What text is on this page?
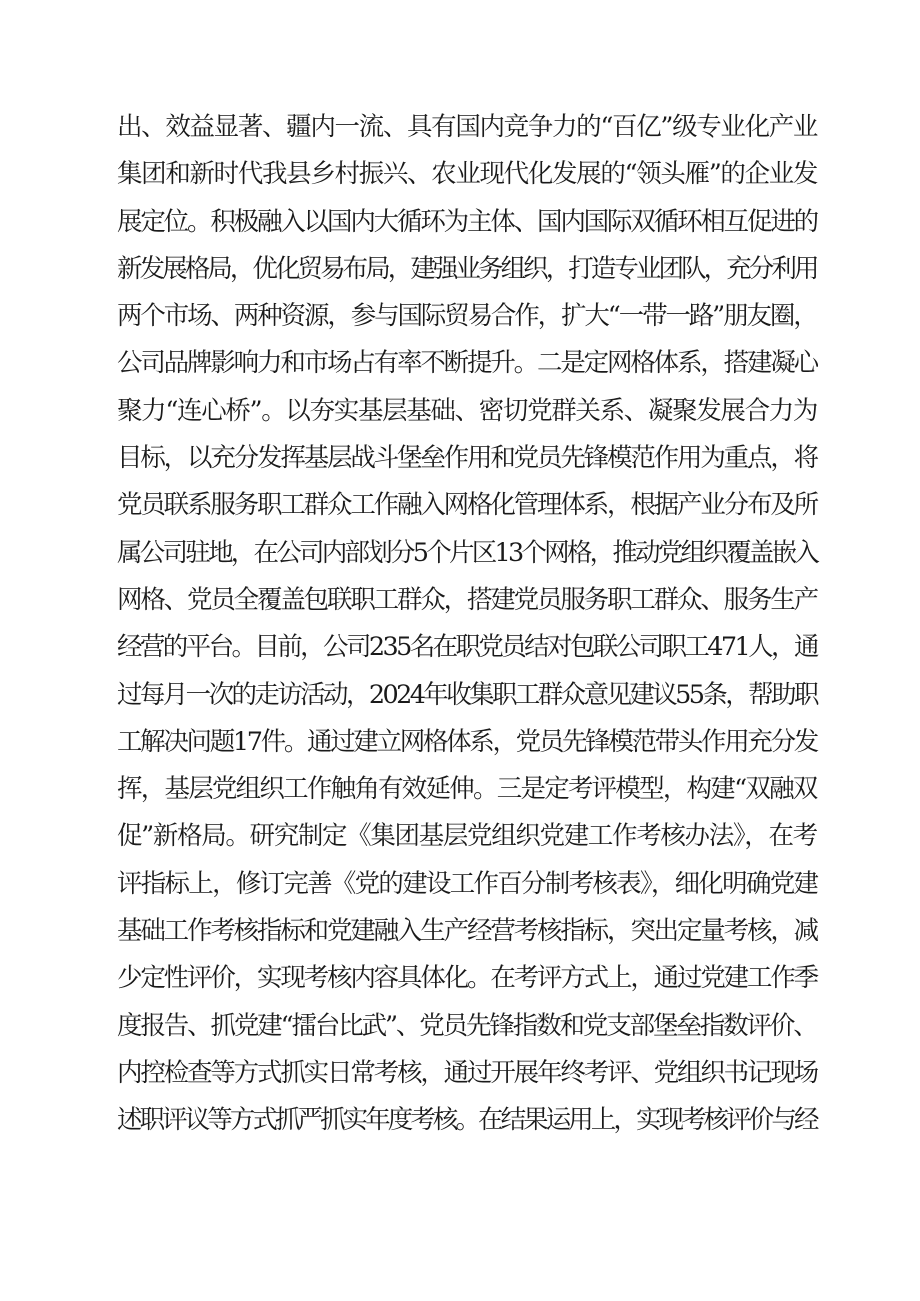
出、效益显著、疆内一流、具有国内竞争力的“百亿”级专业化产业
集团和新时代我县乡村振兴、农业现代化发展的“领头雁”的企业发
展定位。积极融入以国内大循环为主体、国内国际双循环相互促进的
新发展格局，优化贸易布局，建强业务组织，打造专业团队，充分利用
两个市场、两种资源，参与国际贸易合作，扩大“一带一路”朋友圈，
公司品牌影响力和市场占有率不断提升。二是定网格体系，搭建凝心
聚力“连心桥”。以夯实基层基础、密切党群关系、凝聚发展合力为
目标，以充分发挥基层战斗堡垒作用和党员先锋模范作用为重点，将
党员联系服务职工群众工作融入网格化管理体系，根据产业分布及所
属公司驻地，在公司内部划分5个片区13个网格，推动党组织覆盖嵌入
网格、党员全覆盖包联职工群众，搭建党员服务职工群众、服务生产
经营的平台。目前，公司235名在职党员结对包联公司职工471人，通
过每月一次的走访活动，2024年收集职工群众意见建议55条，帮助职
工解决问题17件。通过建立网格体系，党员先锋模范带头作用充分发
挥，基层党组织工作触角有效延伸。三是定考评模型，构建“双融双
促”新格局。研究制定《集团基层党组织党建工作考核办法》，在考
评指标上，修订完善《党的建设工作百分制考核表》，细化明确党建
基础工作考核指标和党建融入生产经营考核指标，突出定量考核，减
少定性评价，实现考核内容具体化。在考评方式上，通过党建工作季
度报告、抓党建“擂台比武”、党员先锋指数和党支部堡垒指数评价、
内控检查等方式抓实日常考核，通过开展年终考评、党组织书记现场
述职评议等方式抓严抓实年度考核。在结果运用上，实现考核评价与经
